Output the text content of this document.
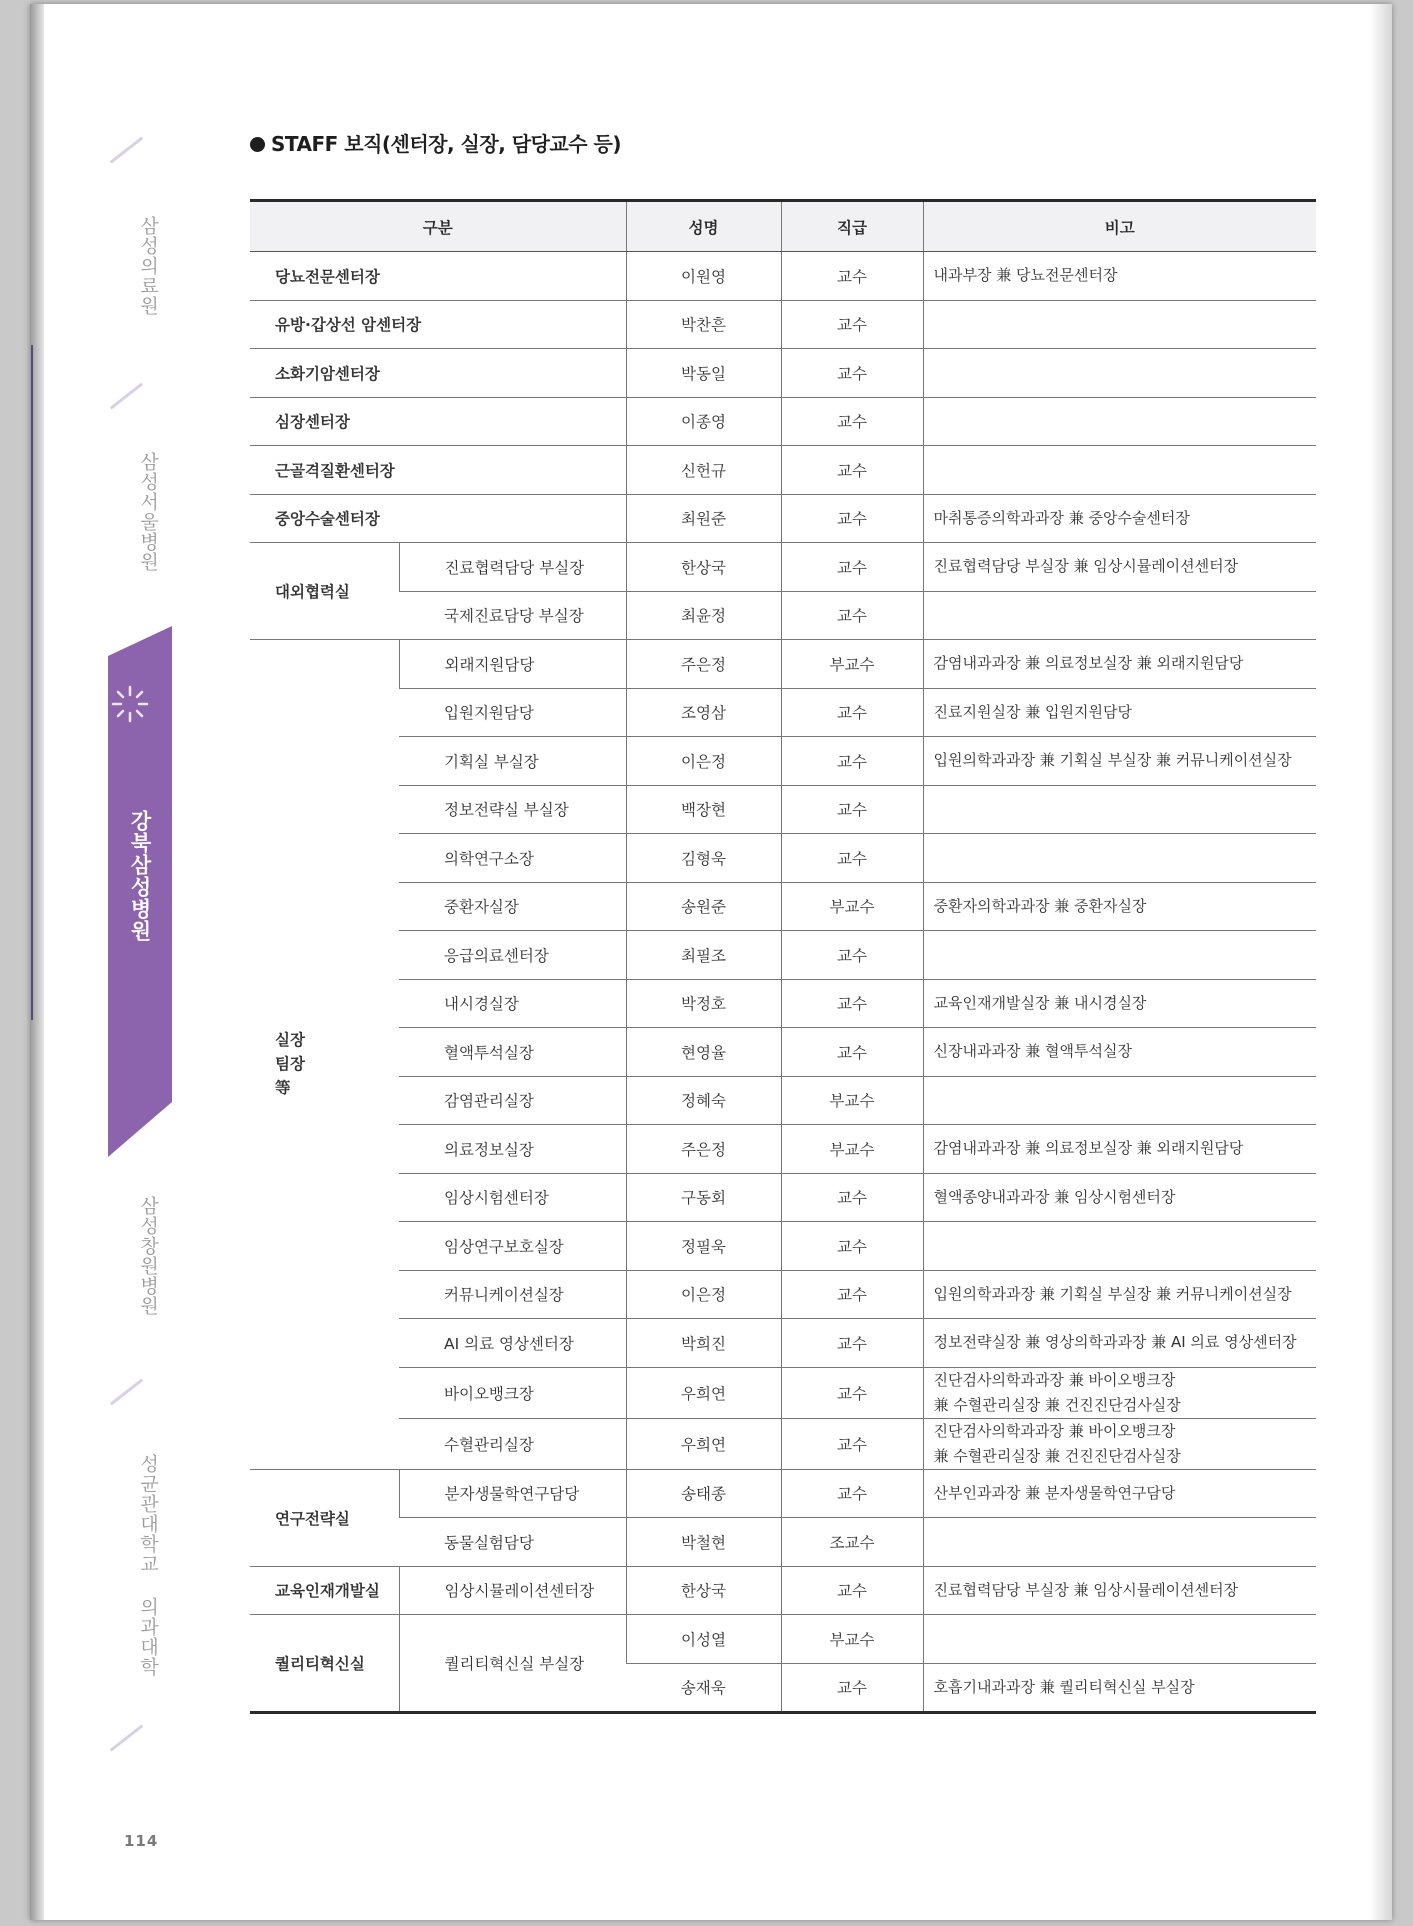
삼성의료원
삼성서울병원
강북삼성병원
삼성창원병원
성균관대학교 의과대학
114
STAFF 보직(센터장, 실장, 담당교수 등)
구분		성명	직급	비고
당뇨전문센터장		이원영	교수	내과부장 兼 당뇨전문센터장
유방·갑상선 암센터장		박찬흔	교수	
소화기암센터장		박동일	교수	
심장센터장		이종영	교수	
근골격질환센터장		신헌규	교수	
중앙수술센터장		최원준	교수	마취통증의학과과장 兼 중앙수술센터장
대외협력실	진료협력담당 부실장	한상국	교수	진료협력담당 부실장 兼 임상시뮬레이션센터장
	국제진료담당 부실장	최윤정	교수	

실장
팀장
等	외래지원담당	주은정	부교수	감염내과과장 兼 의료정보실장 兼 외래지원담당
	입원지원담당	조영삼	교수	진료지원실장 兼 입원지원담당
	기획실 부실장	이은정	교수	입원의학과과장 兼 기획실 부실장 兼 커뮤니케이션실장
	정보전략실 부실장	백장현	교수	
	의학연구소장	김형욱	교수	
	중환자실장	송원준	부교수	중환자의학과과장 兼 중환자실장
	응급의료센터장	최필조	교수	
	내시경실장	박정호	교수	교육인재개발실장 兼 내시경실장
	혈액투석실장	현영율	교수	신장내과과장 兼 혈액투석실장
	감염관리실장	정혜숙	부교수	
	의료정보실장	주은정	부교수	감염내과과장 兼 의료정보실장 兼 외래지원담당
	임상시험센터장	구동회	교수	혈액종양내과과장 兼 임상시험센터장
	임상연구보호실장	정필욱	교수	
	커뮤니케이션실장	이은정	교수	입원의학과과장 兼 기획실 부실장 兼 커뮤니케이션실장
	AI 의료 영상센터장	박희진	교수	정보전략실장 兼 영상의학과과장 兼 AI 의료 영상센터장
	바이오뱅크장	우희연	교수	진단검사의학과과장 兼 바이오뱅크장
兼 수혈관리실장 兼 건진진단검사실장

	수혈관리실장	우희연	교수	진단검사의학과과장 兼 바이오뱅크장
兼 수혈관리실장 兼 건진진단검사실장

연구전략실	분자생물학연구담당	송태종	교수	산부인과과장 兼 분자생물학연구담당
	동물실험담당	박철현	조교수	
교육인재개발실	임상시뮬레이션센터장	한상국	교수	진료협력담당 부실장 兼 임상시뮬레이션센터장
퀄리티혁신실	퀄리티혁신실 부실장	이성열	부교수	
		송재욱	교수	호흡기내과과장 兼 퀄리티혁신실 부실장
